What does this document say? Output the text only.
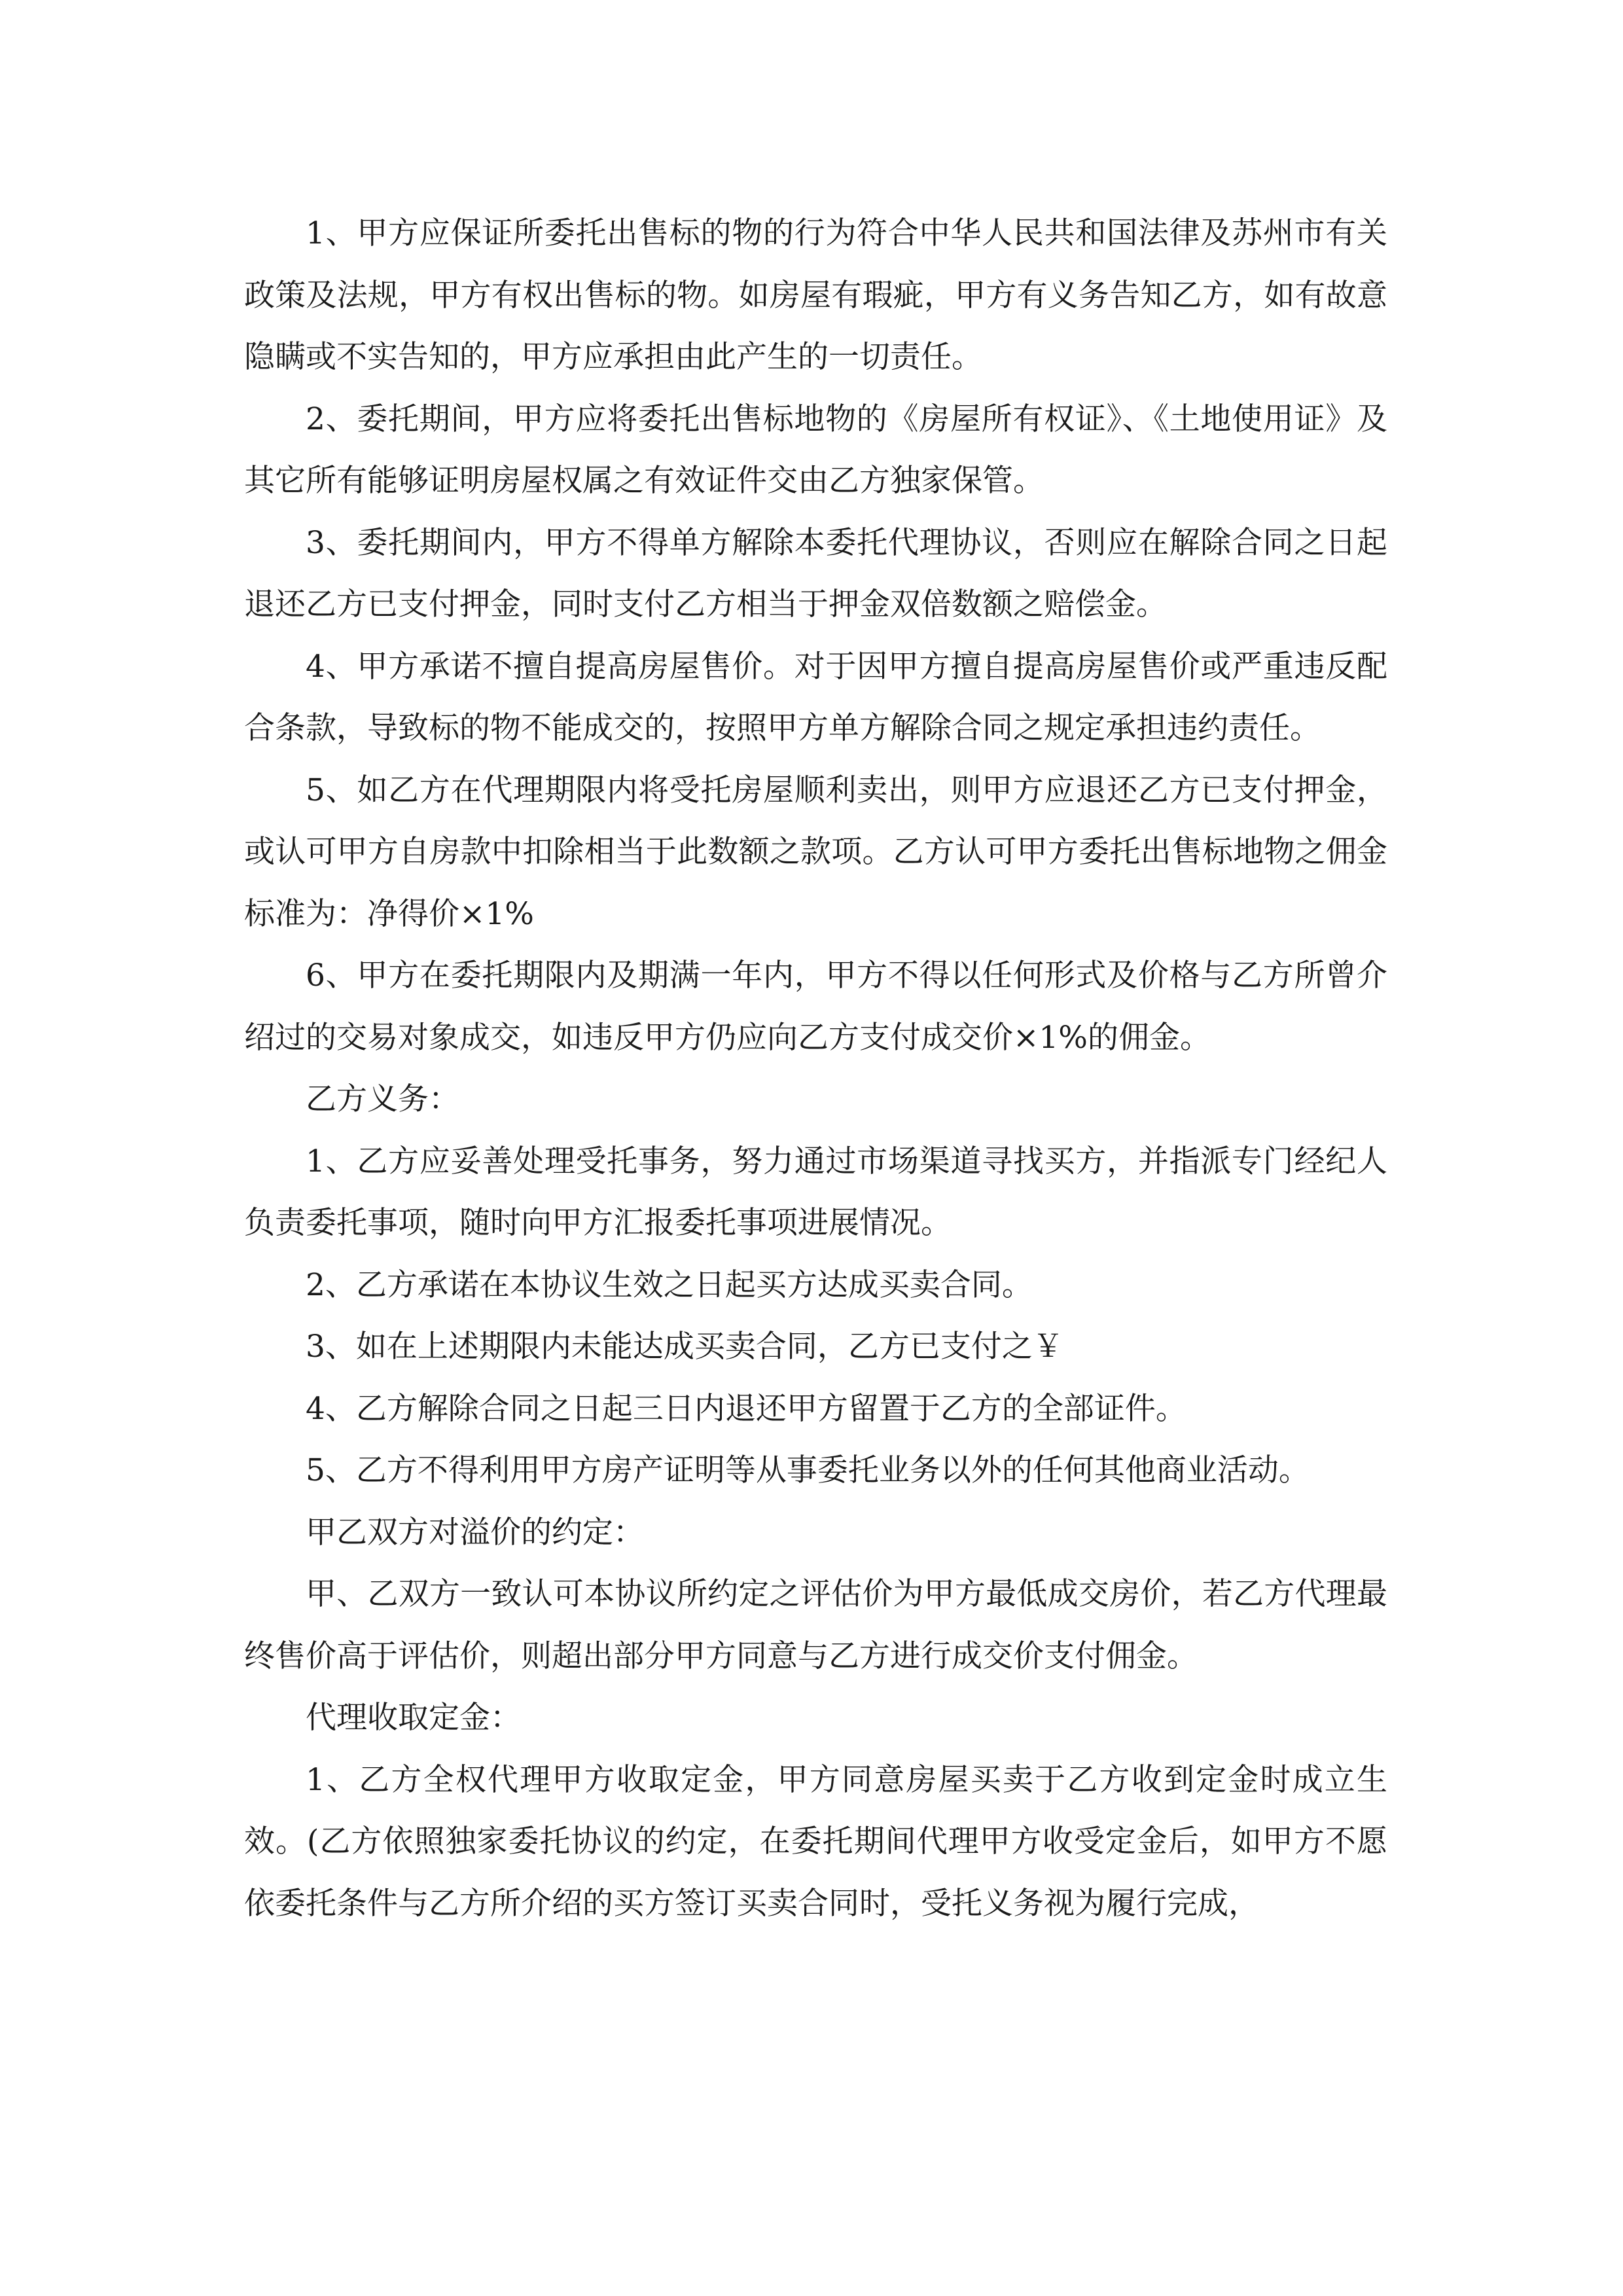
1、甲方应保证所委托出售标的物的行为符合中华人民共和国法律及苏州市有关政策及法规，甲方有权出售标的物。如房屋有瑕疵，甲方有义务告知乙方，如有故意隐瞒或不实告知的，甲方应承担由此产生的一切责任。

2、委托期间，甲方应将委托出售标地物的《房屋所有权证》、《土地使用证》及其它所有能够证明房屋权属之有效证件交由乙方独家保管。

3、委托期间内，甲方不得单方解除本委托代理协议，否则应在解除合同之日起退还乙方已支付押金，同时支付乙方相当于押金双倍数额之赔偿金。

4、甲方承诺不擅自提高房屋售价。对于因甲方擅自提高房屋售价或严重违反配合条款，导致标的物不能成交的，按照甲方单方解除合同之规定承担违约责任。

5、如乙方在代理期限内将受托房屋顺利卖出，则甲方应退还乙方已支付押金，或认可甲方自房款中扣除相当于此数额之款项。乙方认可甲方委托出售标地物之佣金标准为：净得价×1%

6、甲方在委托期限内及期满一年内，甲方不得以任何形式及价格与乙方所曾介绍过的交易对象成交，如违反甲方仍应向乙方支付成交价×1%的佣金。

乙方义务：

1、乙方应妥善处理受托事务，努力通过市场渠道寻找买方，并指派专门经纪人负责委托事项，随时向甲方汇报委托事项进展情况。

2、乙方承诺在本协议生效之日起买方达成买卖合同。

3、如在上述期限内未能达成买卖合同，乙方已支付之￥

4、乙方解除合同之日起三日内退还甲方留置于乙方的全部证件。

5、乙方不得利用甲方房产证明等从事委托业务以外的任何其他商业活动。

甲乙双方对溢价的约定：

甲、乙双方一致认可本协议所约定之评估价为甲方最低成交房价，若乙方代理最终售价高于评估价，则超出部分甲方同意与乙方进行成交价支付佣金。

代理收取定金：

1、乙方全权代理甲方收取定金，甲方同意房屋买卖于乙方收到定金时成立生效。(乙方依照独家委托协议的约定，在委托期间代理甲方收受定金后，如甲方不愿依委托条件与乙方所介绍的买方签订买卖合同时，受托义务视为履行完成，
